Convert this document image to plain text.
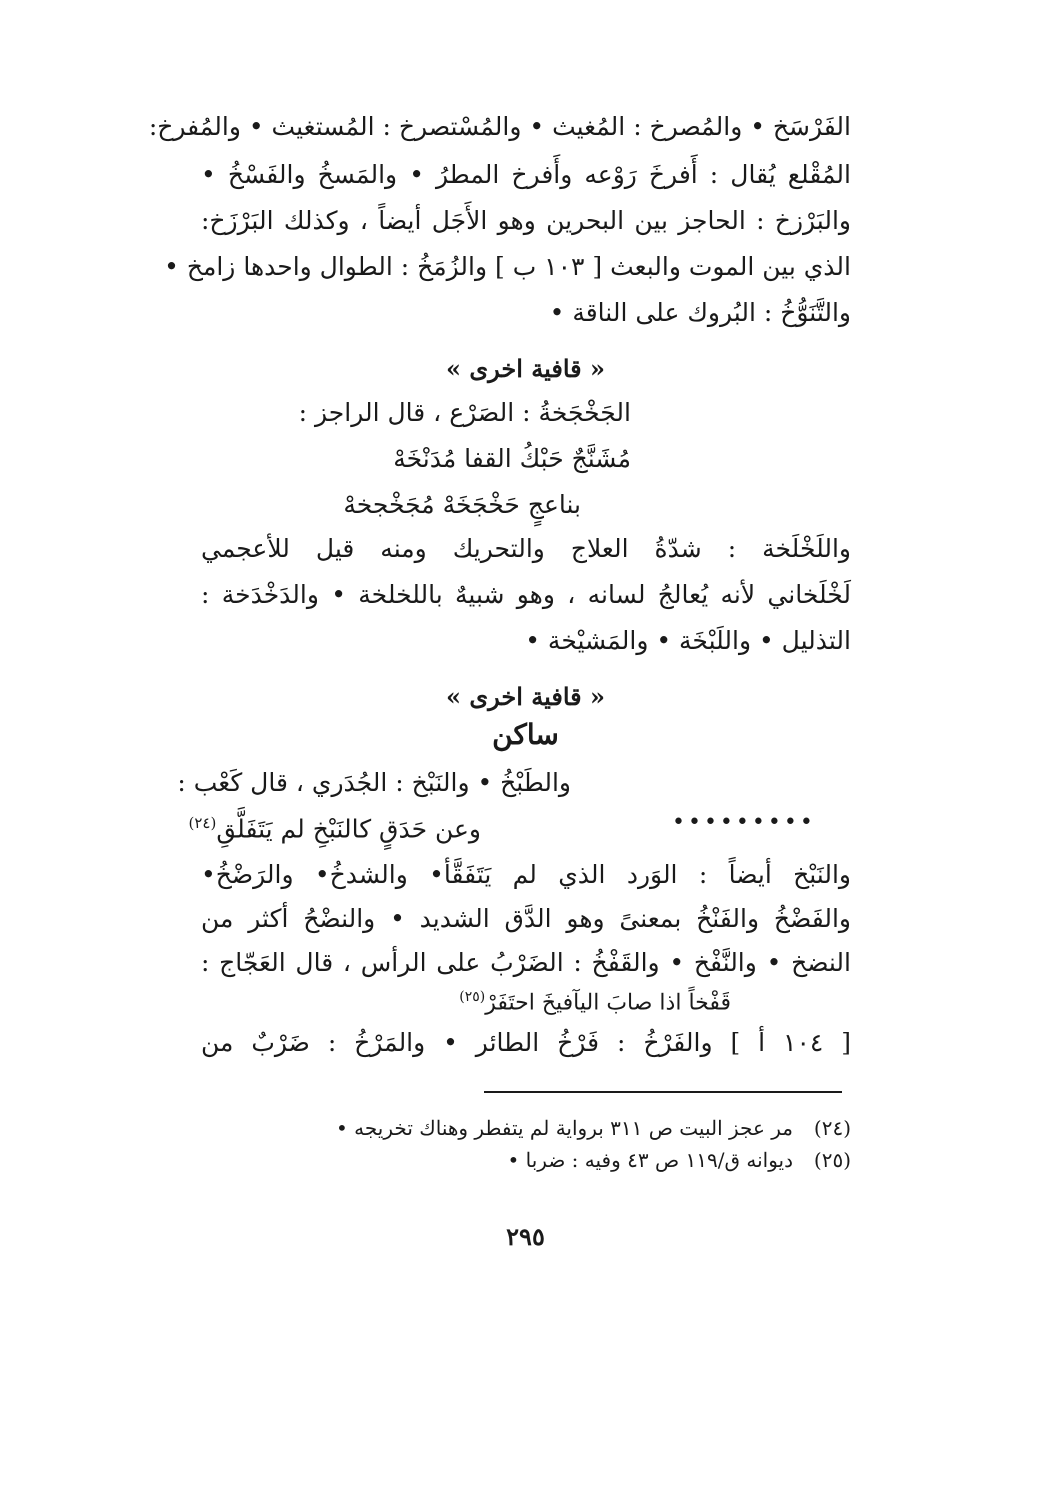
الفَرْسَخ • والمُصرخ : المُغيث • والمُسْتصرخ : المُستغيث • والمُفرخ:
المُقْلع يُقال : أَفرخَ رَوْعه وأَفرخ المطرُ • والمَسخُ والفَسْخُ •
والبَرْزخ : الحاجز بين البحرين وهو الأَجَل أيضاً ، وكذلك البَرْزَخ:
الذي بين الموت والبعث [ ١٠٣ ب ] والزُمَخُ : الطوال واحدها زامخ •
والتَّنَوُّخُ : البُروك على الناقة •
« قافية اخرى »
الجَخْجَخةُ : الصَرْع ، قال الراجز :
مُشَنَّجٌ حَبْكُ القفا مُدَنْخَهْ
بناعجٍ حَخْجَخَهْ مُجَخْجخهْ
واللَخْلَخة : شدّةُ العلاج والتحريك ومنه قيل للأعجمي
لَخْلَخاني لأنه يُعالجُ لسانه ، وهو شبيهٌ باللخلخة • والدَخْدَخة :
التذليل • واللَبْخَة • والمَشيْخة •
« قافية اخرى »
ساكن
والطَبْخُ • والنَبْخ : الجُدَري ، قال كَعْب :
وعن حَدَقٍ كالنَبْخِ لم يَتَفَلَّقِ$^{(٢٤)}$	•••••••••
والنَبْخ أيضاً : الوَرد الذي لم يَتَفَقَّأ• والشدخُ• والرَضْخُ•
والفَضْخُ والفَنْخُ بمعنىً وهو الدَّق الشديد • والنضْحُ أكثر من
النضخ • والنَّفْخ • والقَفْخُ : الضَرْبُ على الرأس ، قال العَجّاج :
قَفْخاً اذا صابَ اليآفيخَ احتَفَرْ$^{(٢٥)}$
[ ١٠٤ أ ] والفَرْخُ : فَرْخُ الطائر • والمَرْخُ : ضَرْبٌ من
(٢٤)مر عجز البيت ص ٣١١ برواية لم يتفطر وهناك تخريجه •
(٢٥)ديوانه ق/١١٩ ص ٤٣ وفيه : ضربا •
٢٩٥
